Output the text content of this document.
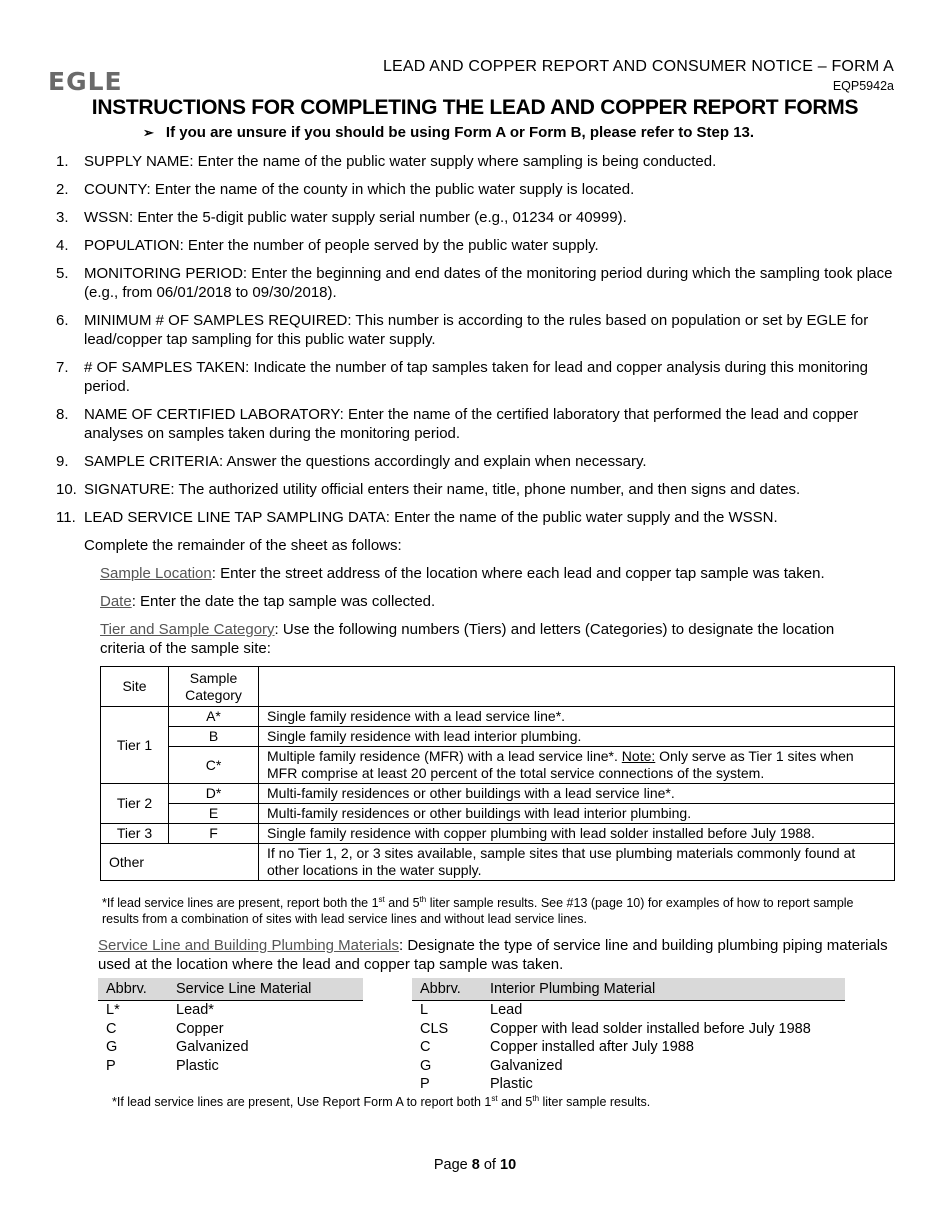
EGLE
LEAD AND COPPER REPORT AND CONSUMER NOTICE – FORM A
EQP5942a
INSTRUCTIONS FOR COMPLETING THE LEAD AND COPPER REPORT FORMS
➢ If you are unsure if you should be using Form A or Form B, please refer to Step 13.
1. SUPPLY NAME: Enter the name of the public water supply where sampling is being conducted.
2. COUNTY: Enter the name of the county in which the public water supply is located.
3. WSSN: Enter the 5-digit public water supply serial number (e.g., 01234 or 40999).
4. POPULATION: Enter the number of people served by the public water supply.
5. MONITORING PERIOD: Enter the beginning and end dates of the monitoring period during which the sampling took place (e.g., from 06/01/2018 to 09/30/2018).
6. MINIMUM # OF SAMPLES REQUIRED: This number is according to the rules based on population or set by EGLE for lead/copper tap sampling for this public water supply.
7. # OF SAMPLES TAKEN: Indicate the number of tap samples taken for lead and copper analysis during this monitoring period.
8. NAME OF CERTIFIED LABORATORY: Enter the name of the certified laboratory that performed the lead and copper analyses on samples taken during the monitoring period.
9. SAMPLE CRITERIA: Answer the questions accordingly and explain when necessary.
10. SIGNATURE: The authorized utility official enters their name, title, phone number, and then signs and dates.
11. LEAD SERVICE LINE TAP SAMPLING DATA: Enter the name of the public water supply and the WSSN.
Complete the remainder of the sheet as follows:
Sample Location: Enter the street address of the location where each lead and copper tap sample was taken.
Date: Enter the date the tap sample was collected.
Tier and Sample Category: Use the following numbers (Tiers) and letters (Categories) to designate the location criteria of the sample site:
Site	Sample Category	
Tier 1	A*	Single family residence with a lead service line*.
	B	Single family residence with lead interior plumbing.
	C*	Multiple family residence (MFR) with a lead service line*. Note: Only serve as Tier 1 sites when MFR comprise at least 20 percent of the total service connections of the system.
Tier 2	D*	Multi-family residences or other buildings with a lead service line*.
	E	Multi-family residences or other buildings with lead interior plumbing.
Tier 3	F	Single family residence with copper plumbing with lead solder installed before July 1988.
Other		If no Tier 1, 2, or 3 sites available, sample sites that use plumbing materials commonly found at other locations in the water supply.
*If lead service lines are present, report both the 1st and 5th liter sample results. See #13 (page 10) for examples of how to report sample results from a combination of sites with lead service lines and without lead service lines.
Service Line and Building Plumbing Materials: Designate the type of service line and building plumbing piping materials used at the location where the lead and copper tap sample was taken.
Abbrv.	Service Line Material
L*	Lead*
C	Copper
G	Galvanized
P	Plastic
Abbrv.	Interior Plumbing Material
L	Lead
CLS	Copper with lead solder installed before July 1988
C	Copper installed after July 1988
G	Galvanized
P	Plastic
*If lead service lines are present, Use Report Form A to report both 1st and 5th liter sample results.
Page 8 of 10
